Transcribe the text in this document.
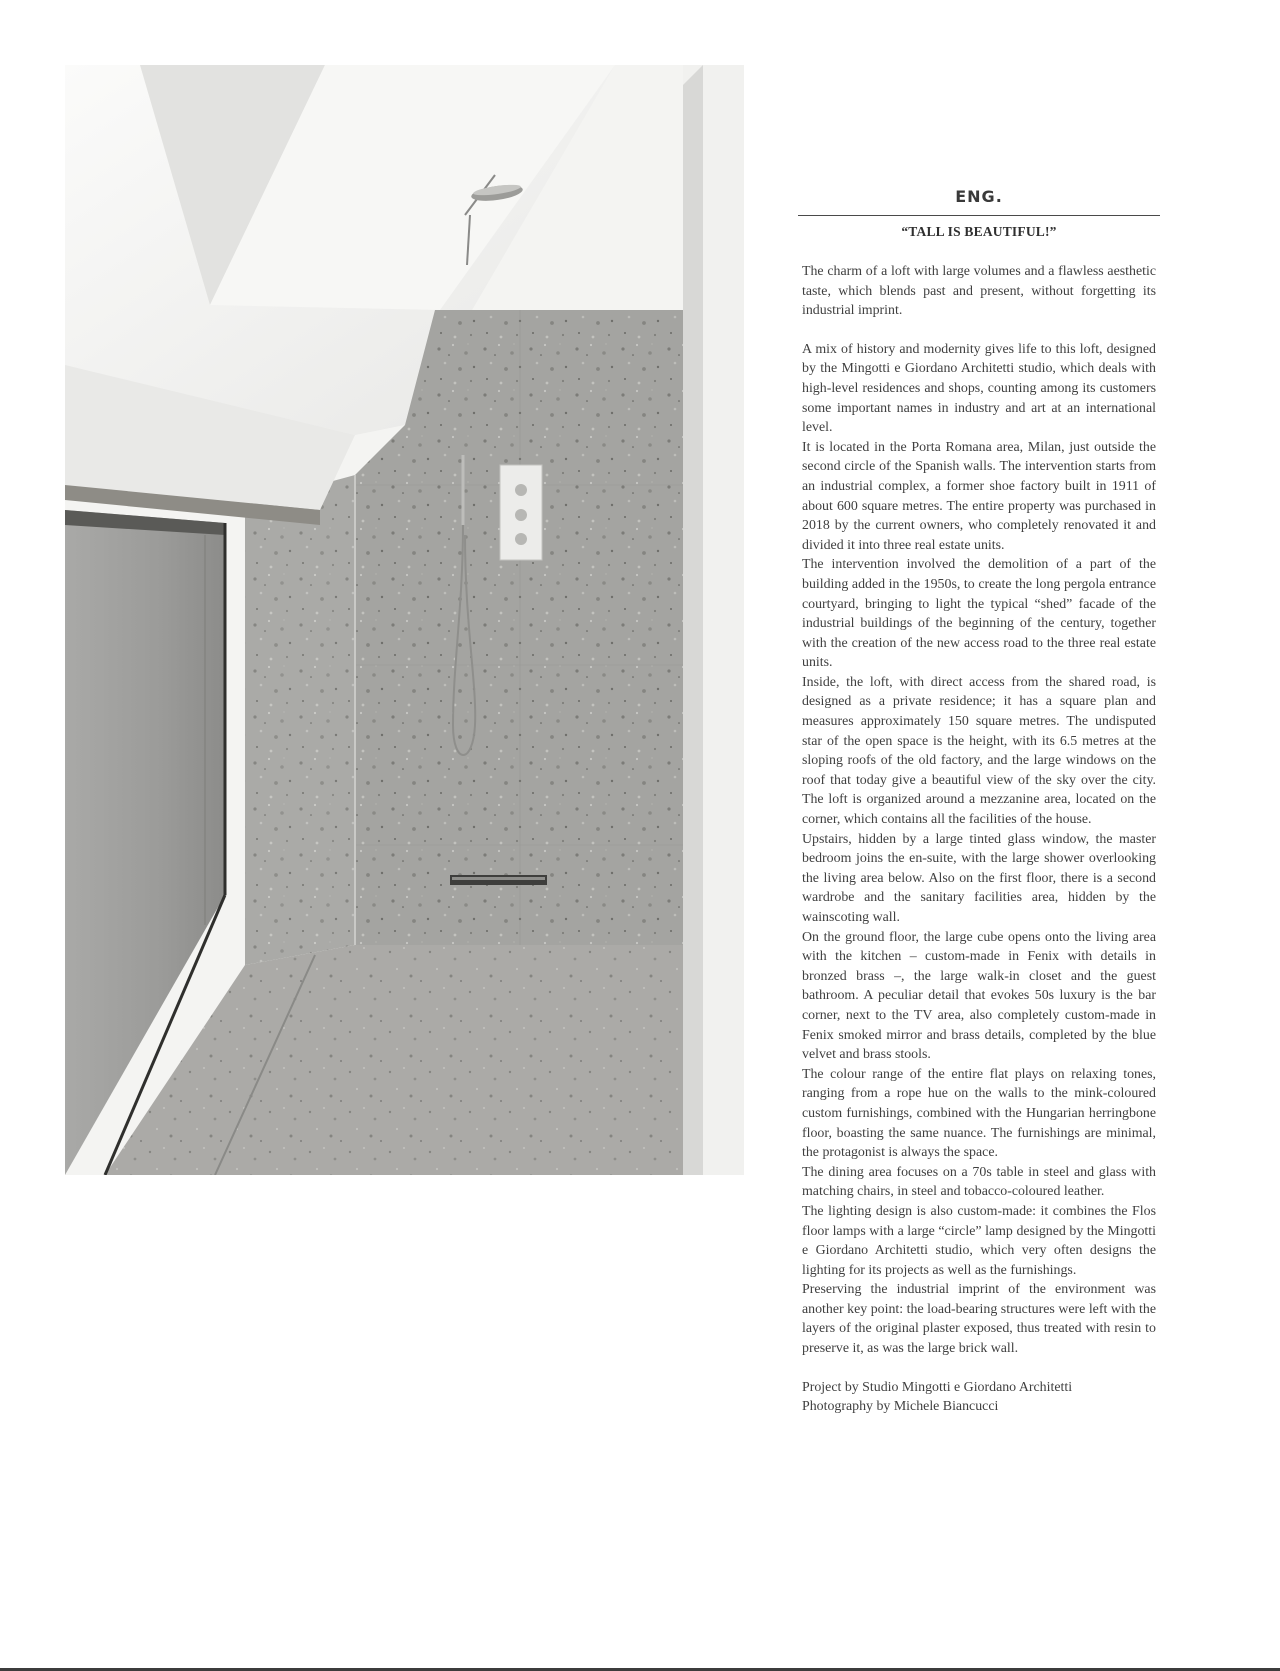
ENG.
“TALL IS BEAUTIFUL!”

The charm of a loft with large volumes and a flawless aesthetic taste, which blends past and present, without forgetting its industrial imprint.

A mix of history and modernity gives life to this loft, designed by the Mingotti e Giordano Architetti studio, which deals with high-level residences and shops, counting among its customers some important names in industry and art at an international level.

It is located in the Porta Romana area, Milan, just outside the second circle of the Spanish walls. The intervention starts from an industrial complex, a former shoe factory built in 1911 of about 600 square metres. The entire property was purchased in 2018 by the current owners, who completely renovated it and divided it into three real estate units.

The intervention involved the demolition of a part of the building added in the 1950s, to create the long pergola entrance courtyard, bringing to light the typical “shed” facade of the industrial buildings of the beginning of the century, together with the creation of the new access road to the three real estate units.

Inside, the loft, with direct access from the shared road, is designed as a private residence; it has a square plan and measures approximately 150 square metres. The undisputed star of the open space is the height, with its 6.5 metres at the sloping roofs of the old factory, and the large windows on the roof that today give a beautiful view of the sky over the city. The loft is organized around a mezzanine area, located on the corner, which contains all the facilities of the house.

Upstairs, hidden by a large tinted glass window, the master bedroom joins the en-suite, with the large shower overlooking the living area below. Also on the first floor, there is a second wardrobe and the sanitary facilities area, hidden by the wainscoting wall.

On the ground floor, the large cube opens onto the living area with the kitchen – custom-made in Fenix with details in bronzed brass –, the large walk-in closet and the guest bathroom. A peculiar detail that evokes 50s luxury is the bar corner, next to the TV area, also completely custom-made in Fenix smoked mirror and brass details, completed by the blue velvet and brass stools.

The colour range of the entire flat plays on relaxing tones, ranging from a rope hue on the walls to the mink-coloured custom furnishings, combined with the Hungarian herringbone floor, boasting the same nuance. The furnishings are minimal, the protagonist is always the space.

The dining area focuses on a 70s table in steel and glass with matching chairs, in steel and tobacco-coloured leather.

The lighting design is also custom-made: it combines the Flos floor lamps with a large “circle” lamp designed by the Mingotti e Giordano Architetti studio, which very often designs the lighting for its projects as well as the furnishings.

Preserving the industrial imprint of the environment was another key point: the load-bearing structures were left with the layers of the original plaster exposed, thus treated with resin to preserve it, as was the large brick wall.

Project by Studio Mingotti e Giordano Architetti
Photography by Michele Biancucci
